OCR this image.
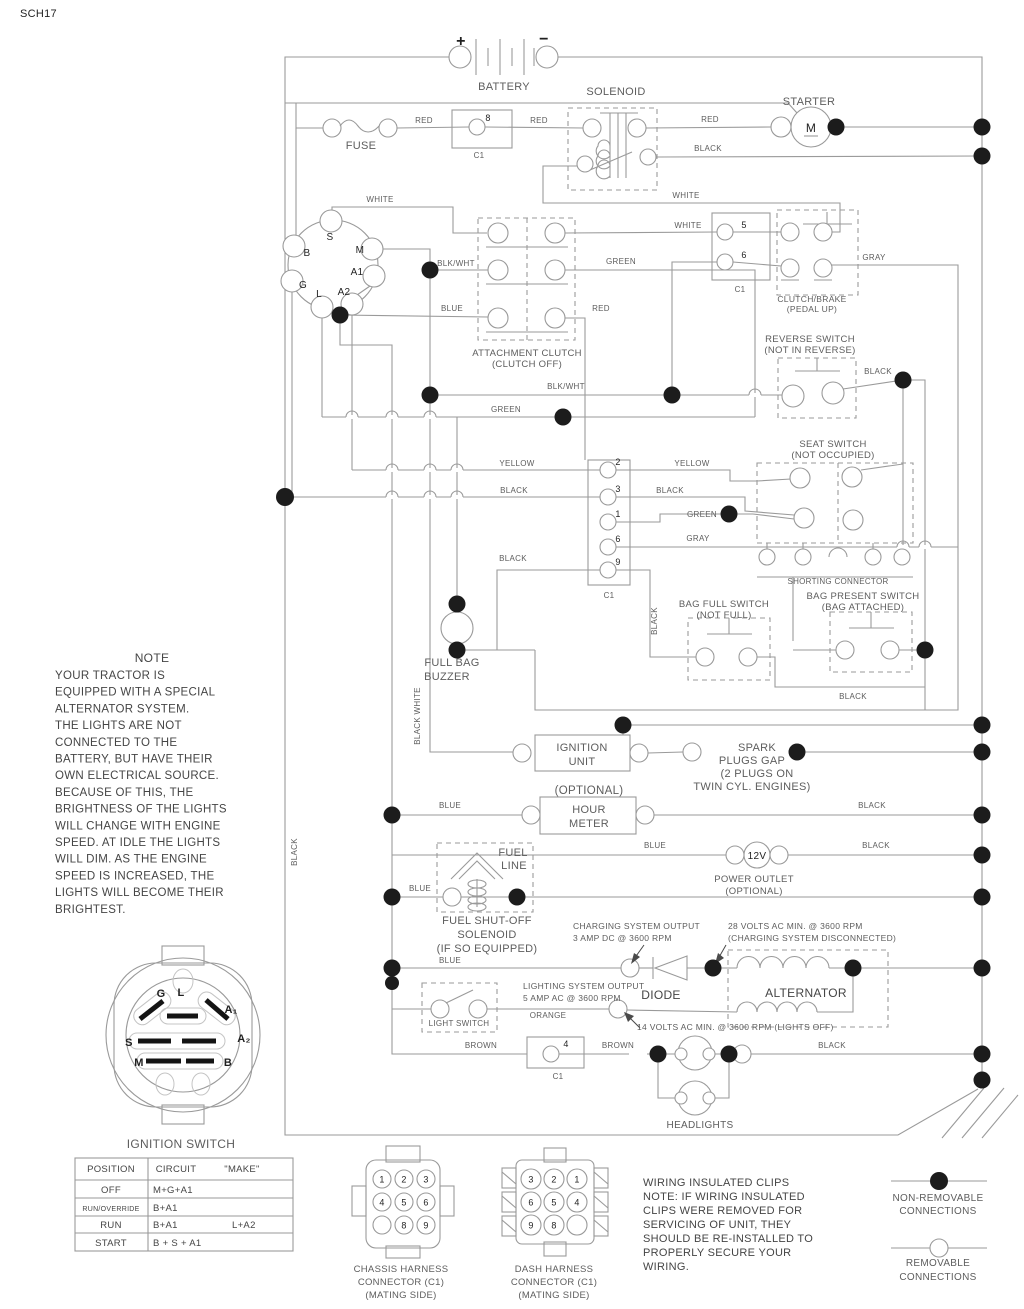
SCH17
+	−
BATTERY
FUSE
RED	8
C1
RED
SOLENOID
RED
STARTER
M
BLACK
WHITE	WHITE
WHITE	5
6
C1
CLUTCH/BRAKE
(PEDAL UP)
GRAY
BLK/WHT
BLUE
GREEN
RED
ATTACHMENT CLUTCH
(CLUTCH OFF)
S
B	M
A1
G
L A2
REVERSE SWITCH
(NOT IN REVERSE)
BLACK
BLK/WHT
GREEN
SEAT SWITCH
(NOT OCCUPIED)
YELLOW	YELLOW
BLACK	BLACK
GREEN
GRAY
BLACK
C1
SHORTING CONNECTOR
BAG PRESENT SWITCH
(BAG ATTACHED)
BAG FULL SWITCH
(NOT FULL)
BLACK
BLACK
FULL BAG
BUZZER
BLACK
BLACK WHITE
IGNITION
UNIT
SPARK
PLUGS GAP
(2 PLUGS ON
TWIN CYL. ENGINES)
(OPTIONAL)
HOUR
METER
BLUE	BLACK
FUEL
LINE
BLUE
12V
BLUE	BLACK
POWER OUTLET
(OPTIONAL)
FUEL SHUT-OFF
SOLENOID
(IF SO EQUIPPED)
CHARGING SYSTEM OUTPUT
3 AMP DC @ 3600 RPM
28 VOLTS AC MIN. @ 3600 RPM
(CHARGING SYSTEM DISCONNECTED)
BLUE
LIGHTING SYSTEM OUTPUT
5 AMP AC @ 3600 RPM DIODE	ALTERNATOR
LIGHT SWITCH
ORANGE
14 VOLTS AC MIN. @ 3600 RPM (LIGHTS OFF)
BROWN	4
C1
BROWN	BLACK
HEADLIGHTS
G L
A₁
A₂
S
M	B
IGNITION SWITCH
CHASSIS HARNESS
CONNECTOR (C1)
(MATING SIDE)
DASH HARNESS
CONNECTOR (C1)
(MATING SIDE)
NON-REMOVABLE
CONNECTIONS
REMOVABLE
CONNECTIONS
NOTE
YOUR TRACTOR IS
EQUIPPED WITH A SPECIAL
ALTERNATOR SYSTEM.
THE LIGHTS ARE NOT
CONNECTED TO THE
BATTERY, BUT HAVE THEIR
OWN ELECTRICAL SOURCE.
BECAUSE OF THIS, THE
BRIGHTNESS OF THE LIGHTS
WILL CHANGE WITH ENGINE
SPEED. AT IDLE THE LIGHTS
WILL DIM. AS THE ENGINE
SPEED IS INCREASED, THE
LIGHTS WILL BECOME THEIR
BRIGHTEST.
WIRING INSULATED CLIPS
NOTE: IF WIRING INSULATED
CLIPS WERE REMOVED FOR
SERVICING OF UNIT, THEY
SHOULD BE RE-INSTALLED TO
PROPERLY SECURE YOUR
WIRING.
POSITION CIRCUIT	"MAKE"
OFF	M+G+A1
RUN/OVERRIDE B+A1
RUN	B+A1	L+A2
START	B + S + A1
1 2 3
4 5 6
8 9
3 2 1
6 5 4
9 8
2
3
1
6
9
